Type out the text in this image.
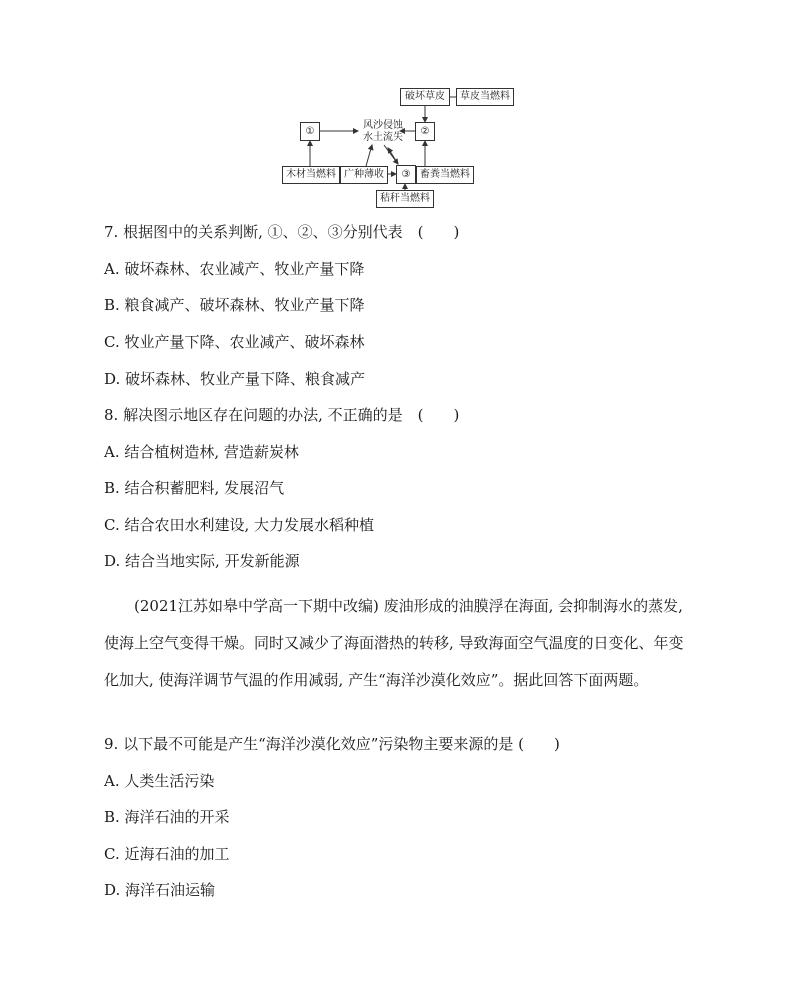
破坏草皮	草皮当燃料
①
风沙侵蚀
水土流失
②
木材当燃料 广种薄收	③ 畜粪当燃料
秸秆当燃料
7. 根据图中的关系判断, ①、②、③分别代表　(　　)
A. 破坏森林、农业减产、牧业产量下降
B. 粮食减产、破坏森林、牧业产量下降
C. 牧业产量下降、农业减产、破坏森林
D. 破坏森林、牧业产量下降、粮食减产
8. 解决图示地区存在问题的办法, 不正确的是　(　　)
A. 结合植树造林, 营造薪炭林
B. 结合积蓄肥料, 发展沼气
C. 结合农田水利建设, 大力发展水稻种植
D. 结合当地实际, 开发新能源
(2021江苏如皋中学高一下期中改编) 废油形成的油膜浮在海面, 会抑制海水的蒸发, 使海上空气变得干燥。同时又减少了海面潜热的转移, 导致海面空气温度的日变化、年变化加大, 使海洋调节气温的作用减弱, 产生“海洋沙漠化效应”。据此回答下面两题。
9. 以下最不可能是产生“海洋沙漠化效应”污染物主要来源的是 (　　)
A. 人类生活污染
B. 海洋石油的开采
C. 近海石油的加工
D. 海洋石油运输
